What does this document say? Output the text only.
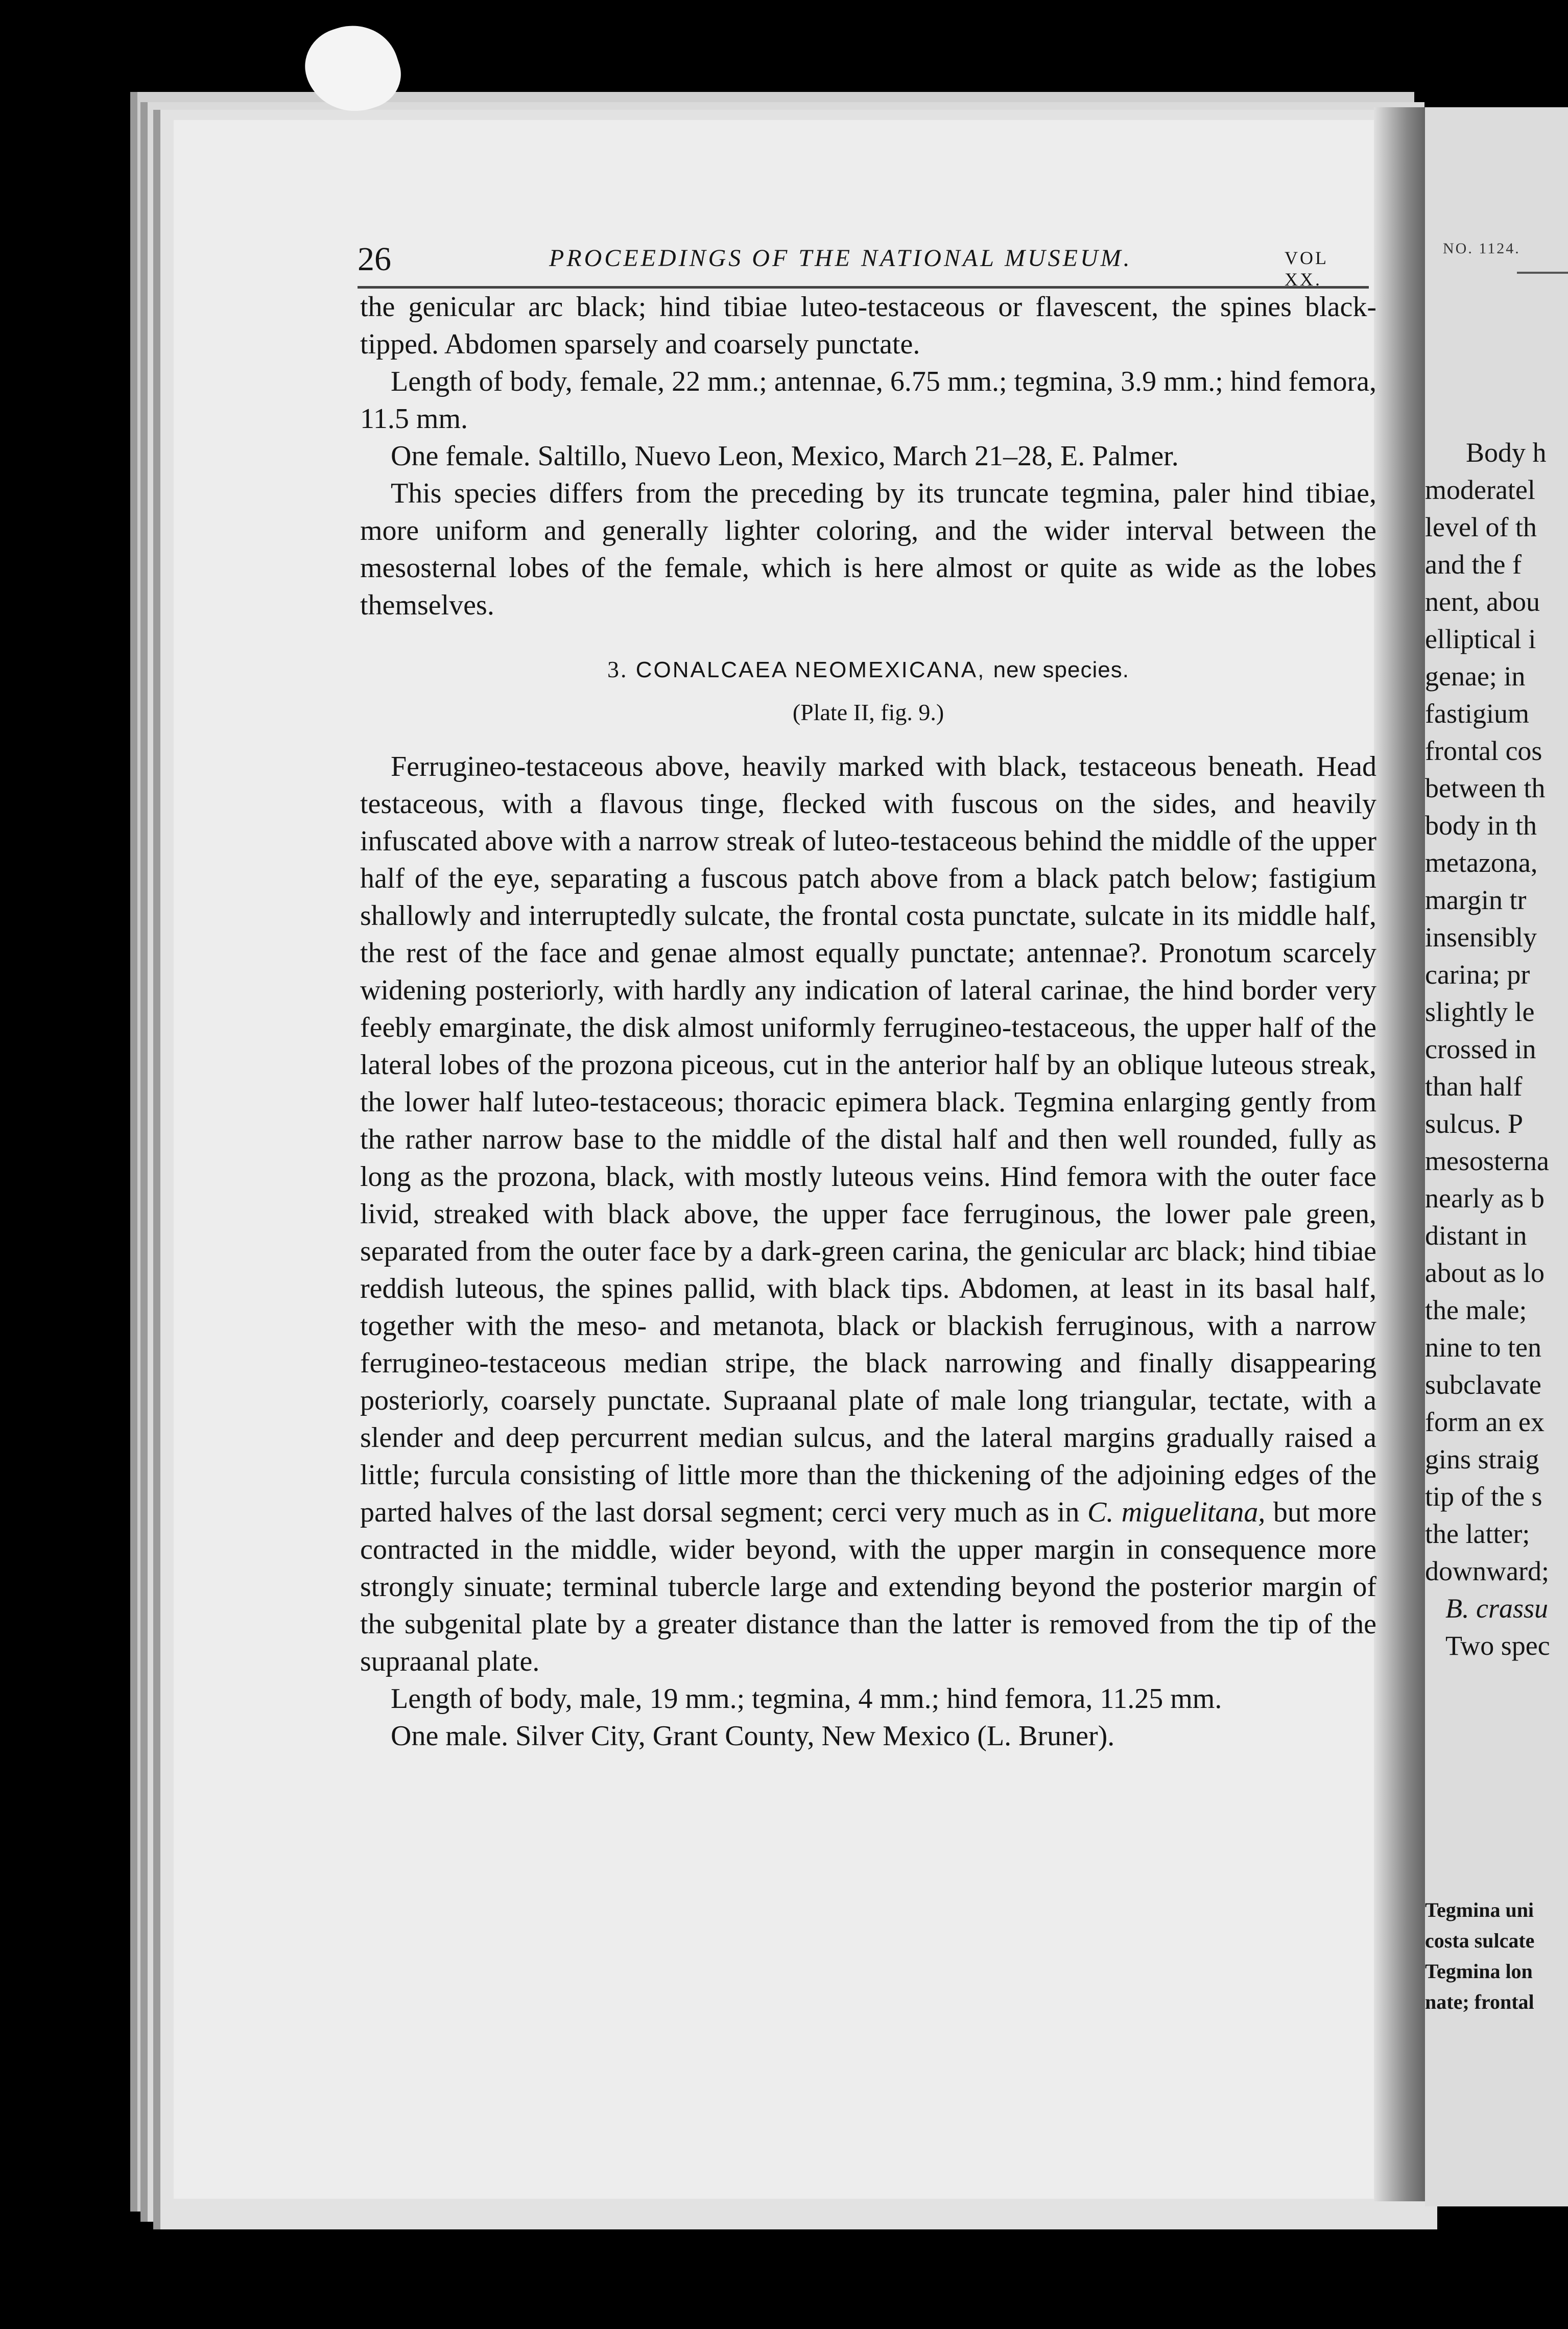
NO. 1124.
Body h
moderatel
level of th
and the f
nent, abou
elliptical i
genae; in
fastigium
frontal cos
between th
body in th
metazona,
margin tr
insensibly
carina; pr
slightly le
crossed in
than half
sulcus. P
mesosterna
nearly as b
distant in
about as lo
the male;
nine to ten
subclavate
form an ex
gins straig
tip of the s
the latter;
downward;
B. crassu
Two spec
Tegmina uni
costa sulcate
Tegmina lon
nate; frontal
26	PROCEEDINGS OF THE NATIONAL MUSEUM.	VOL XX.

the genicular arc black; hind tibiae luteo-testaceous or flavescent, the spines black-tipped. Abdomen sparsely and coarsely punctate.

Length of body, female, 22 mm.; antennae, 6.75 mm.; tegmina, 3.9 mm.; hind femora, 11.5 mm.

One female. Saltillo, Nuevo Leon, Mexico, March 21–28, E. Palmer.

This species differs from the preceding by its truncate tegmina, paler hind tibiae, more uniform and generally lighter coloring, and the wider interval between the mesosternal lobes of the female, which is here almost or quite as wide as the lobes themselves.

3. CONALCAEA NEOMEXICANA, new species.

(Plate II, fig. 9.)

Ferrugineo-testaceous above, heavily marked with black, testaceous beneath. Head testaceous, with a flavous tinge, flecked with fuscous on the sides, and heavily infuscated above with a narrow streak of luteo-testaceous behind the middle of the upper half of the eye, separating a fuscous patch above from a black patch below; fastigium shallowly and interruptedly sulcate, the frontal costa punctate, sulcate in its middle half, the rest of the face and genae almost equally punctate; antennae?. Pronotum scarcely widening posteriorly, with hardly any indication of lateral carinae, the hind border very feebly emarginate, the disk almost uniformly ferrugineo-testaceous, the upper half of the lateral lobes of the prozona piceous, cut in the anterior half by an oblique luteous streak, the lower half luteo-testaceous; thoracic epimera black. Tegmina enlarging gently from the rather narrow base to the middle of the distal half and then well rounded, fully as long as the prozona, black, with mostly luteous veins. Hind femora with the outer face livid, streaked with black above, the upper face ferruginous, the lower pale green, separated from the outer face by a dark-green carina, the genicular arc black; hind tibiae reddish luteous, the spines pallid, with black tips. Abdomen, at least in its basal half, together with the meso- and metanota, black or blackish ferruginous, with a narrow ferrugineo-testaceous median stripe, the black narrowing and finally disappearing posteriorly, coarsely punctate. Supraanal plate of male long triangular, tectate, with a slender and deep percurrent median sulcus, and the lateral margins gradually raised a little; furcula consisting of little more than the thickening of the adjoining edges of the parted halves of the last dorsal segment; cerci very much as in C. miguelitana, but more contracted in the middle, wider beyond, with the upper margin in consequence more strongly sinuate; terminal tubercle large and extending beyond the posterior margin of the subgenital plate by a greater distance than the latter is removed from the tip of the supraanal plate.

Length of body, male, 19 mm.; tegmina, 4 mm.; hind femora, 11.25 mm.

One male. Silver City, Grant County, New Mexico (L. Bruner).
